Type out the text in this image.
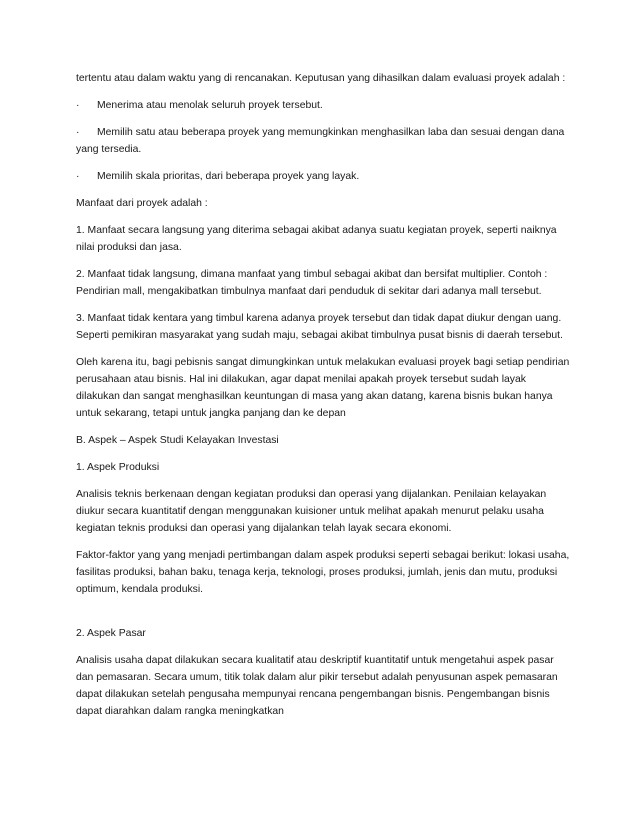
tertentu atau dalam waktu yang di rencanakan. Keputusan yang dihasilkan dalam evaluasi proyek adalah :

·	Menerima atau menolak seluruh proyek tersebut.
· Memilih satu atau beberapa proyek yang memungkinkan menghasilkan laba dan sesuai dengan dana yang tersedia.
·	Memilih skala prioritas, dari beberapa proyek yang layak.

Manfaat dari proyek adalah :

1. Manfaat secara langsung yang diterima sebagai akibat adanya suatu kegiatan proyek, seperti naiknya nilai produksi dan jasa.

2. Manfaat tidak langsung, dimana manfaat yang timbul sebagai akibat dan bersifat multiplier. Contoh : Pendirian mall, mengakibatkan timbulnya manfaat dari penduduk di sekitar dari adanya mall tersebut.

3. Manfaat tidak kentara yang timbul karena adanya proyek tersebut dan tidak dapat diukur dengan uang. Seperti pemikiran masyarakat yang sudah maju, sebagai akibat timbulnya pusat bisnis di daerah tersebut.

Oleh karena itu, bagi pebisnis sangat dimungkinkan untuk melakukan evaluasi proyek bagi setiap pendirian perusahaan atau bisnis. Hal ini dilakukan, agar dapat menilai apakah proyek tersebut sudah layak dilakukan dan sangat menghasilkan keuntungan di masa yang akan datang, karena bisnis bukan hanya untuk sekarang, tetapi untuk jangka panjang dan ke depan

B. Aspek – Aspek Studi Kelayakan Investasi

1. Aspek Produksi

Analisis teknis berkenaan dengan kegiatan produksi dan operasi yang dijalankan. Penilaian kelayakan diukur secara kuantitatif dengan menggunakan kuisioner untuk melihat apakah menurut pelaku usaha kegiatan teknis produksi dan operasi yang dijalankan telah layak secara ekonomi.

Faktor-faktor yang yang menjadi pertimbangan dalam aspek produksi seperti sebagai berikut: lokasi usaha, fasilitas produksi, bahan baku, tenaga kerja, teknologi, proses produksi, jumlah, jenis dan mutu, produksi optimum, kendala produksi.

2. Aspek Pasar

Analisis usaha dapat dilakukan secara kualitatif atau deskriptif kuantitatif untuk mengetahui aspek pasar dan pemasaran. Secara umum, titik tolak dalam alur pikir tersebut adalah penyusunan aspek pemasaran dapat dilakukan setelah pengusaha mempunyai rencana pengembangan bisnis. Pengembangan bisnis dapat diarahkan dalam rangka meningkatkan
